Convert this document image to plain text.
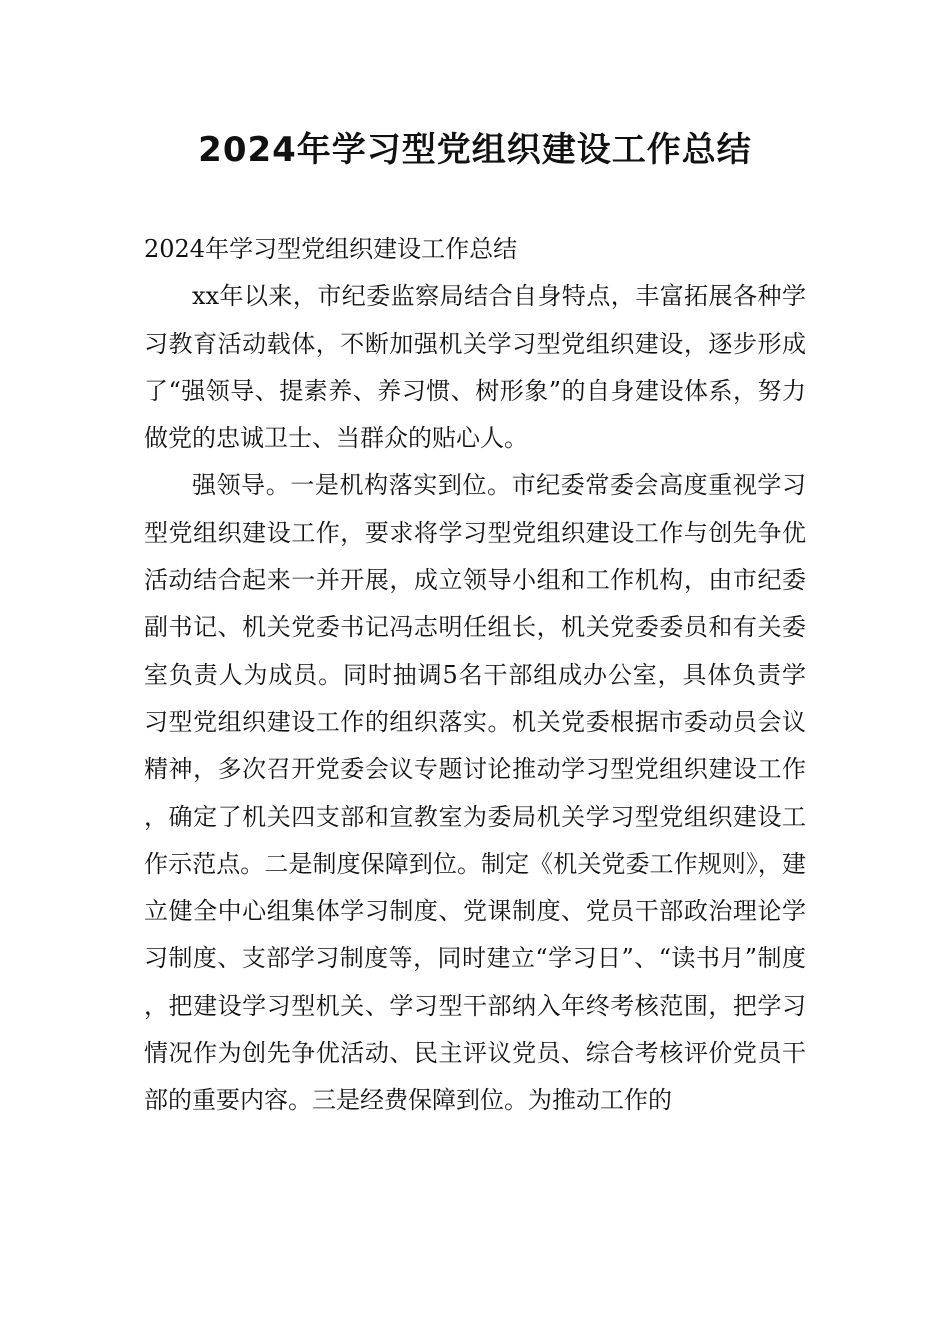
2024年学习型党组织建设工作总结

2024年学习型党组织建设工作总结

xx年以来，市纪委监察局结合自身特点，丰富拓展各种学习教育活动载体，不断加强机关学习型党组织建设，逐步形成了“强领导、提素养、养习惯、树形象”的自身建设体系，努力做党的忠诚卫士、当群众的贴心人。

强领导。一是机构落实到位。市纪委常委会高度重视学习型党组织建设工作，要求将学习型党组织建设工作与创先争优活动结合起来一并开展，成立领导小组和工作机构，由市纪委副书记、机关党委书记冯志明任组长，机关党委委员和有关委室负责人为成员。同时抽调5名干部组成办公室，具体负责学习型党组织建设工作的组织落实。机关党委根据市委动员会议精神，多次召开党委会议专题讨论推动学习型党组织建设工作，确定了机关四支部和宣教室为委局机关学习型党组织建设工作示范点。二是制度保障到位。制定《机关党委工作规则》，建立健全中心组集体学习制度、党课制度、党员干部政治理论学习制度、支部学习制度等，同时建立“学习日”、“读书月”制度，把建设学习型机关、学习型干部纳入年终考核范围，把学习情况作为创先争优活动、民主评议党员、综合考核评价党员干部的重要内容。三是经费保障到位。为推动工作的
